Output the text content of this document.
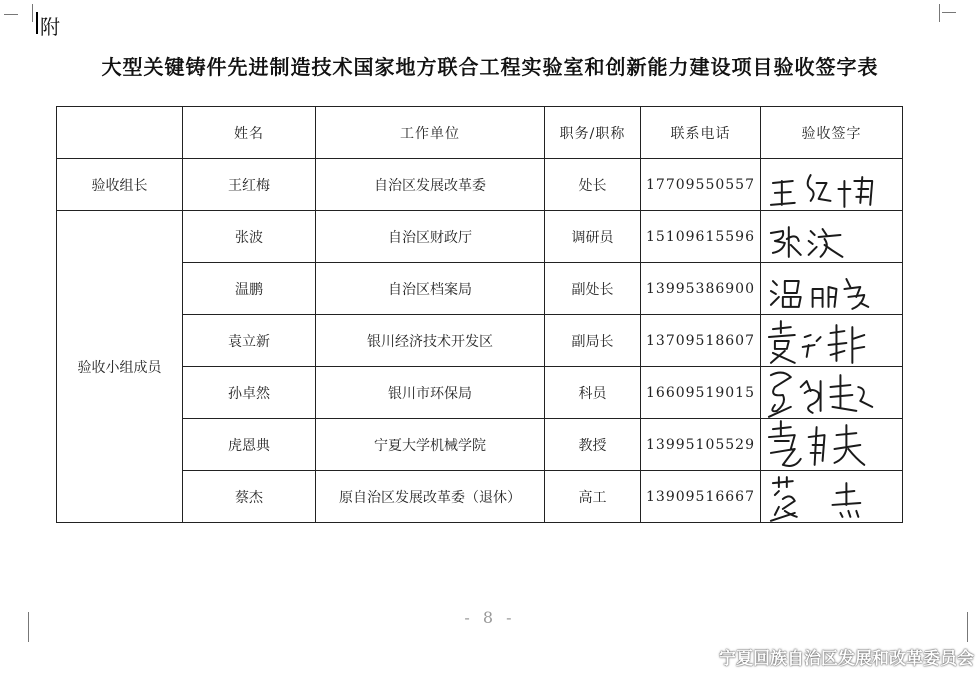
附
大型关键铸件先进制造技术国家地方联合工程实验室和创新能力建设项目验收签字表
	姓名	工作单位	职务/职称	联系电话	验收签字
验收组长	王红梅	自治区发展改革委	处长	17709550557	

验收小组成员	张波	自治区财政厅	调研员	15109615596	

	温鹏	自治区档案局	副处长	13995386900	

	袁立新	银川经济技术开发区	副局长	13709518607	

	孙卓然	银川市环保局	科员	16609519015	

	虎恩典	宁夏大学机械学院	教授	13995105529	

	蔡杰	原自治区发展改革委（退休）	高工	13909516667	
- 8 -
宁夏回族自治区发展和改革委员会
